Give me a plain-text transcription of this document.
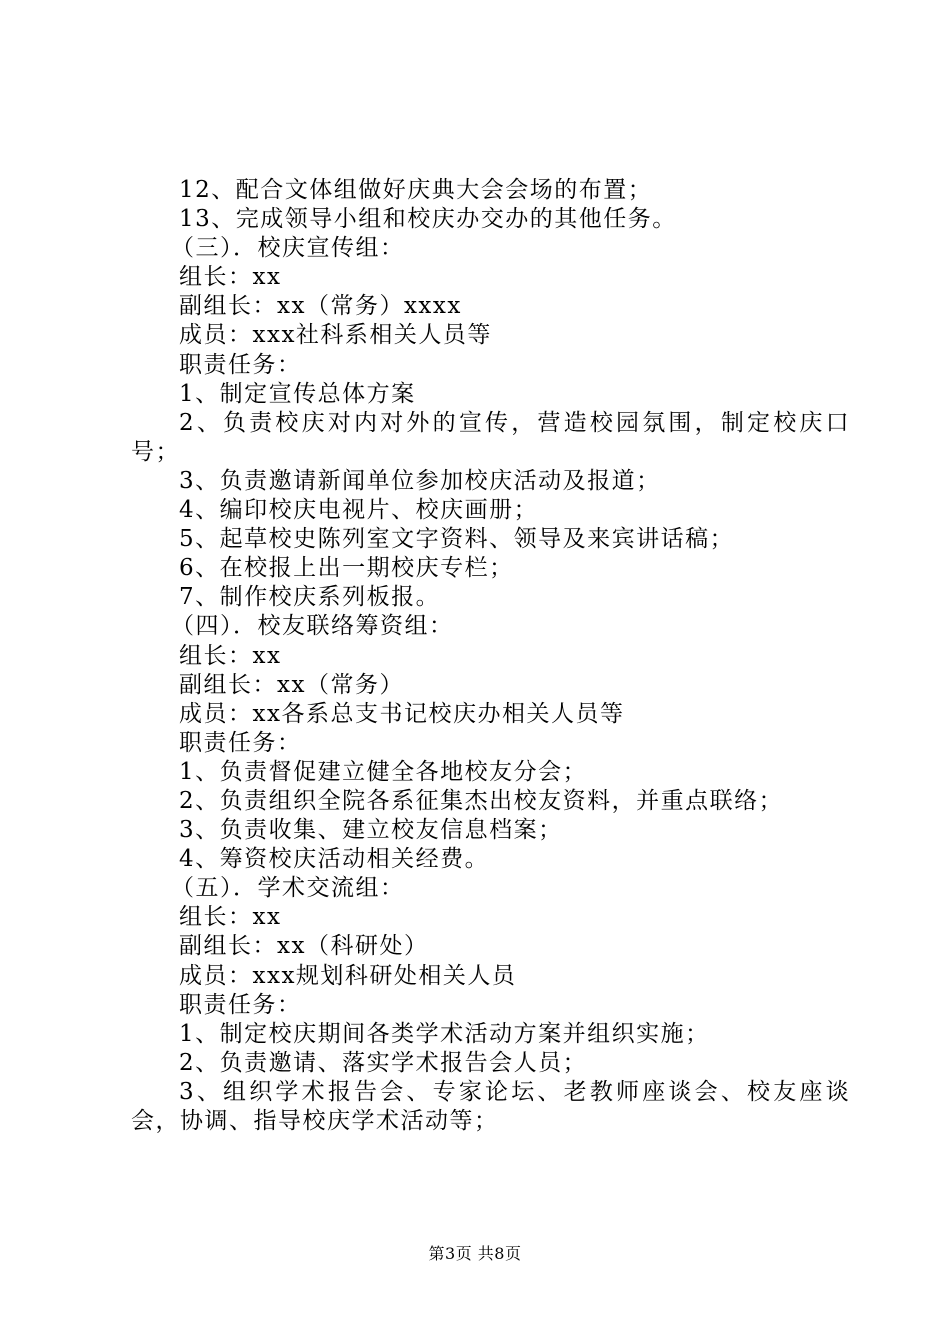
12、配合文体组做好庆典大会会场的布置；
13、完成领导小组和校庆办交办的其他任务。
（三）．校庆宣传组：
组长：xx
副组长：xx（常务）xxxx
成员：xxx社科系相关人员等
职责任务：
1、制定宣传总体方案
2、负责校庆对内对外的宣传，营造校园氛围，制定校庆口
号；
3、负责邀请新闻单位参加校庆活动及报道；
4、编印校庆电视片、校庆画册；
5、起草校史陈列室文字资料、领导及来宾讲话稿；
6、在校报上出一期校庆专栏；
7、制作校庆系列板报。
（四）．校友联络筹资组：
组长：xx
副组长：xx（常务）
成员：xx各系总支书记校庆办相关人员等
职责任务：
1、负责督促建立健全各地校友分会；
2、负责组织全院各系征集杰出校友资料，并重点联络；
3、负责收集、建立校友信息档案；
4、筹资校庆活动相关经费。
（五）．学术交流组：
组长：xx
副组长：xx（科研处）
成员：xxx规划科研处相关人员
职责任务：
1、制定校庆期间各类学术活动方案并组织实施；
2、负责邀请、落实学术报告会人员；
3、组织学术报告会、专家论坛、老教师座谈会、校友座谈
会，协调、指导校庆学术活动等；
第3页 共8页
